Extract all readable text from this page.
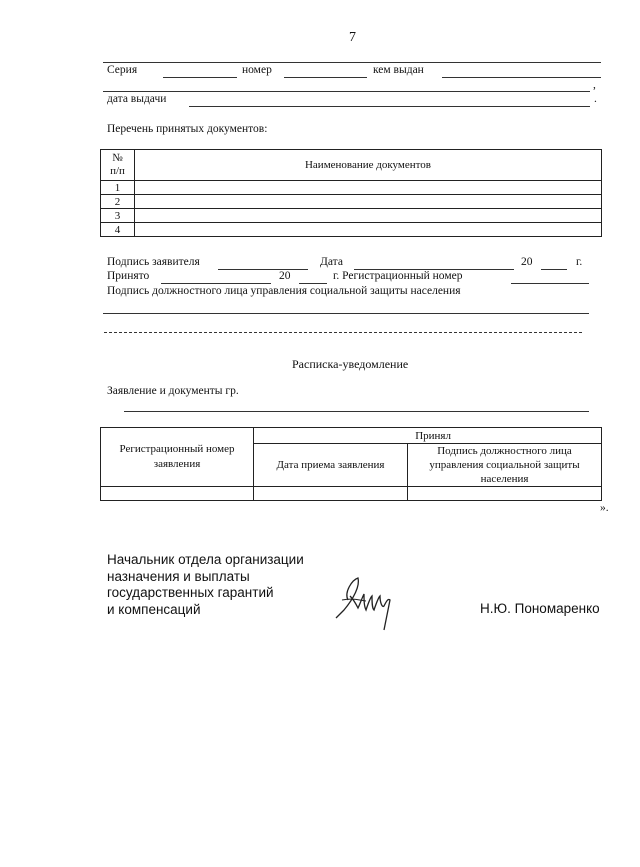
7
Серия	номер	кем выдан
,
дата выдачи	.
Перечень принятых документов:
№ п/п	Наименование документов
1	
2	
3	
4	
Подпись заявителя	Дата	20	г.
Принято	20	г. Регистрационный номер
Подпись должностного лица управления социальной защиты населения
Расписка-уведомление
Заявление и документы гр.
Регистрационный номер заявления	Принял	
	Дата приема заявления	Подпись должностного лица управления социальной защиты населения

».
Начальник отдела организации
назначения и выплаты
государственных гарантий
и компенсаций	Н.Ю. Пономаренко
